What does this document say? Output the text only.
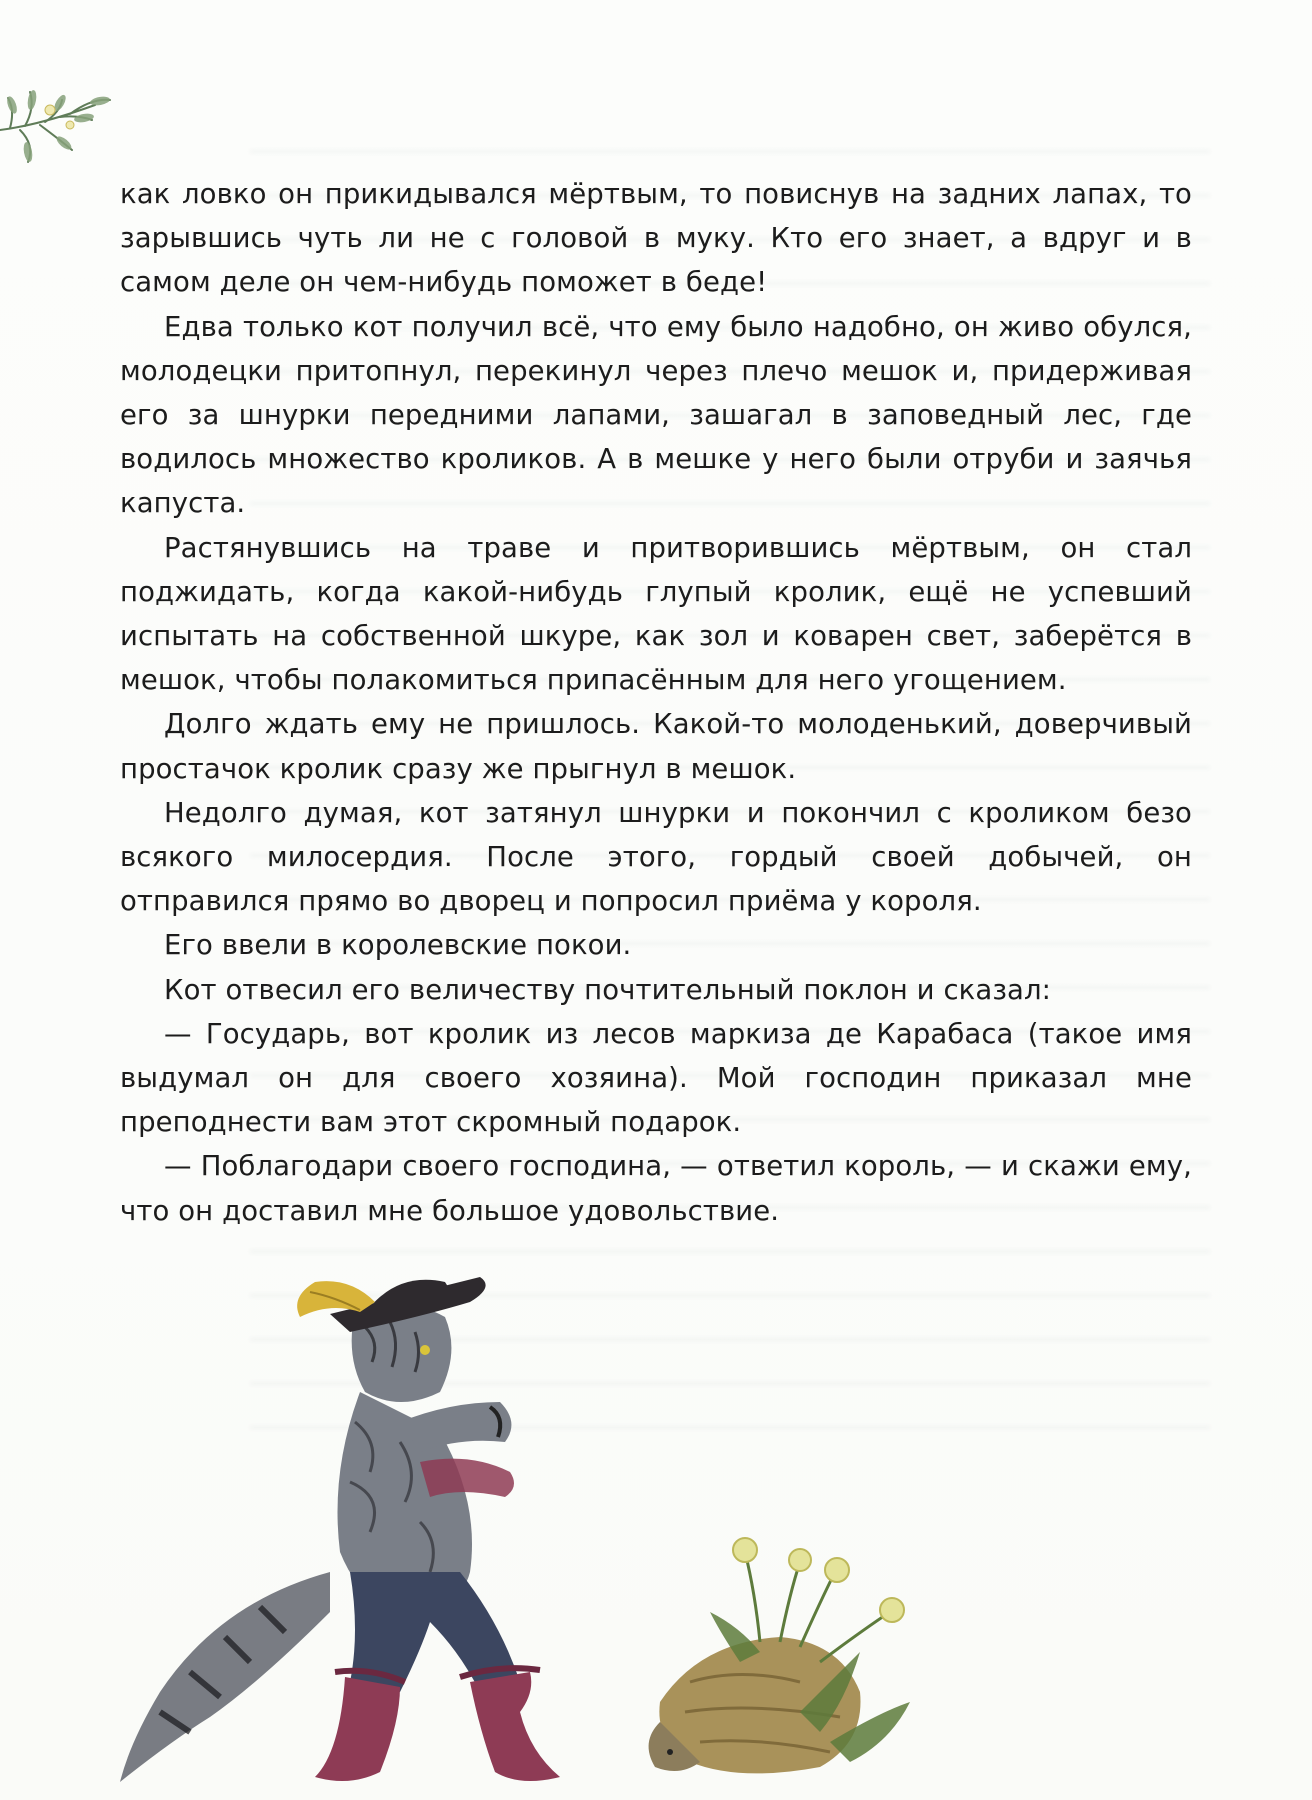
как ловко он прикидывался мёртвым, то повиснув на задних лапах, то зарывшись чуть ли не с головой в муку. Кто его знает, а вдруг и в самом деле он чем-нибудь поможет в беде!

Едва только кот получил всё, что ему было надобно, он живо обулся, молодецки притопнул, перекинул через плечо мешок и, придерживая его за шнурки передними лапами, зашагал в заповедный лес, где водилось множество кроликов. А в мешке у него были отруби и заячья капуста.

Растянувшись на траве и притворившись мёртвым, он стал поджидать, когда какой-нибудь глупый кролик, ещё не успевший испытать на собственной шкуре, как зол и коварен свет, заберётся в мешок, чтобы полакомиться припасённым для него угощением.

Долго ждать ему не пришлось. Какой-то молоденький, доверчивый простачок кролик сразу же прыгнул в мешок.

Недолго думая, кот затянул шнурки и покончил с кроликом безо всякого милосердия. После этого, гордый своей добычей, он отправился прямо во дворец и попросил приёма у короля.

Его ввели в королевские покои.

Кот отвесил его величеству почтительный поклон и сказал:

— Государь, вот кролик из лесов маркиза де Карабаса (такое имя выдумал он для своего хозяина). Мой господин приказал мне преподнести вам этот скромный подарок.

— Поблагодари своего господина, — ответил король, — и скажи ему, что он доставил мне большое удовольствие.
